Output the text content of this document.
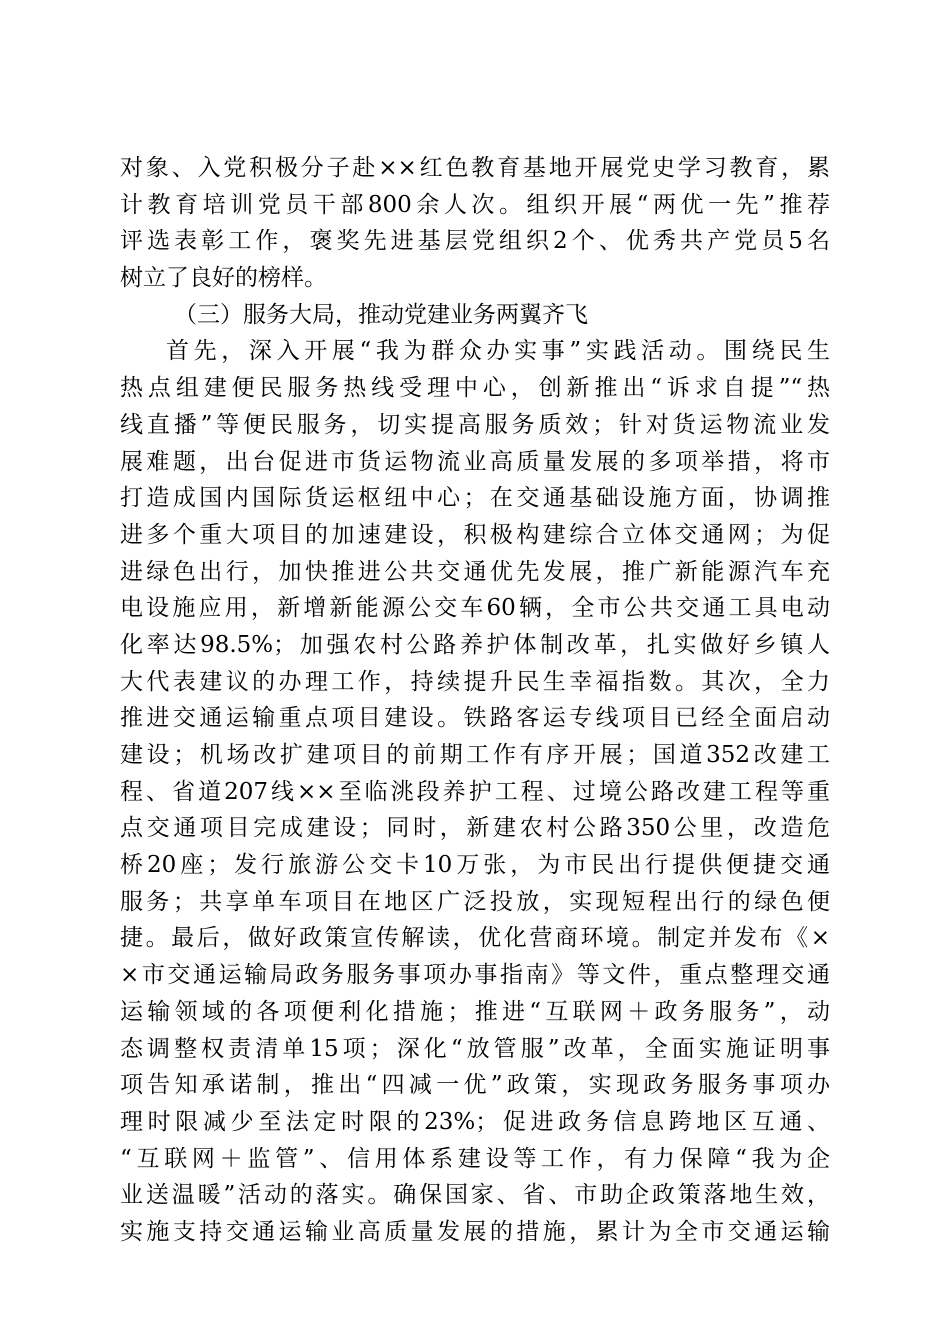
对象、入党积极分子赴××红色教育基地开展党史学习教育，累
计教育培训党员干部800余人次。组织开展“两优一先”推荐
评选表彰工作，褒奖先进基层党组织2个、优秀共产党员5名
树立了良好的榜样。
（三）服务大局，推动党建业务两翼齐飞
首先，深入开展“我为群众办实事”实践活动。围绕民生
热点组建便民服务热线受理中心，创新推出“诉求自提”“热
线直播”等便民服务，切实提高服务质效；针对货运物流业发
展难题，出台促进市货运物流业高质量发展的多项举措，将市
打造成国内国际货运枢纽中心；在交通基础设施方面，协调推
进多个重大项目的加速建设，积极构建综合立体交通网；为促
进绿色出行，加快推进公共交通优先发展，推广新能源汽车充
电设施应用，新增新能源公交车60辆，全市公共交通工具电动
化率达98.5%；加强农村公路养护体制改革，扎实做好乡镇人
大代表建议的办理工作，持续提升民生幸福指数。其次，全力
推进交通运输重点项目建设。铁路客运专线项目已经全面启动
建设；机场改扩建项目的前期工作有序开展；国道352改建工
程、省道207线××至临洮段养护工程、过境公路改建工程等重
点交通项目完成建设；同时，新建农村公路350公里，改造危
桥20座；发行旅游公交卡10万张，为市民出行提供便捷交通
服务；共享单车项目在地区广泛投放，实现短程出行的绿色便
捷。最后，做好政策宣传解读，优化营商环境。制定并发布《×
×市交通运输局政务服务事项办事指南》等文件，重点整理交通
运输领域的各项便利化措施；推进“互联网＋政务服务”，动
态调整权责清单15项；深化“放管服”改革，全面实施证明事
项告知承诺制，推出“四减一优”政策，实现政务服务事项办
理时限减少至法定时限的23%；促进政务信息跨地区互通、
“互联网＋监管”、信用体系建设等工作，有力保障“我为企
业送温暖”活动的落实。确保国家、省、市助企政策落地生效，
实施支持交通运输业高质量发展的措施，累计为全市交通运输
